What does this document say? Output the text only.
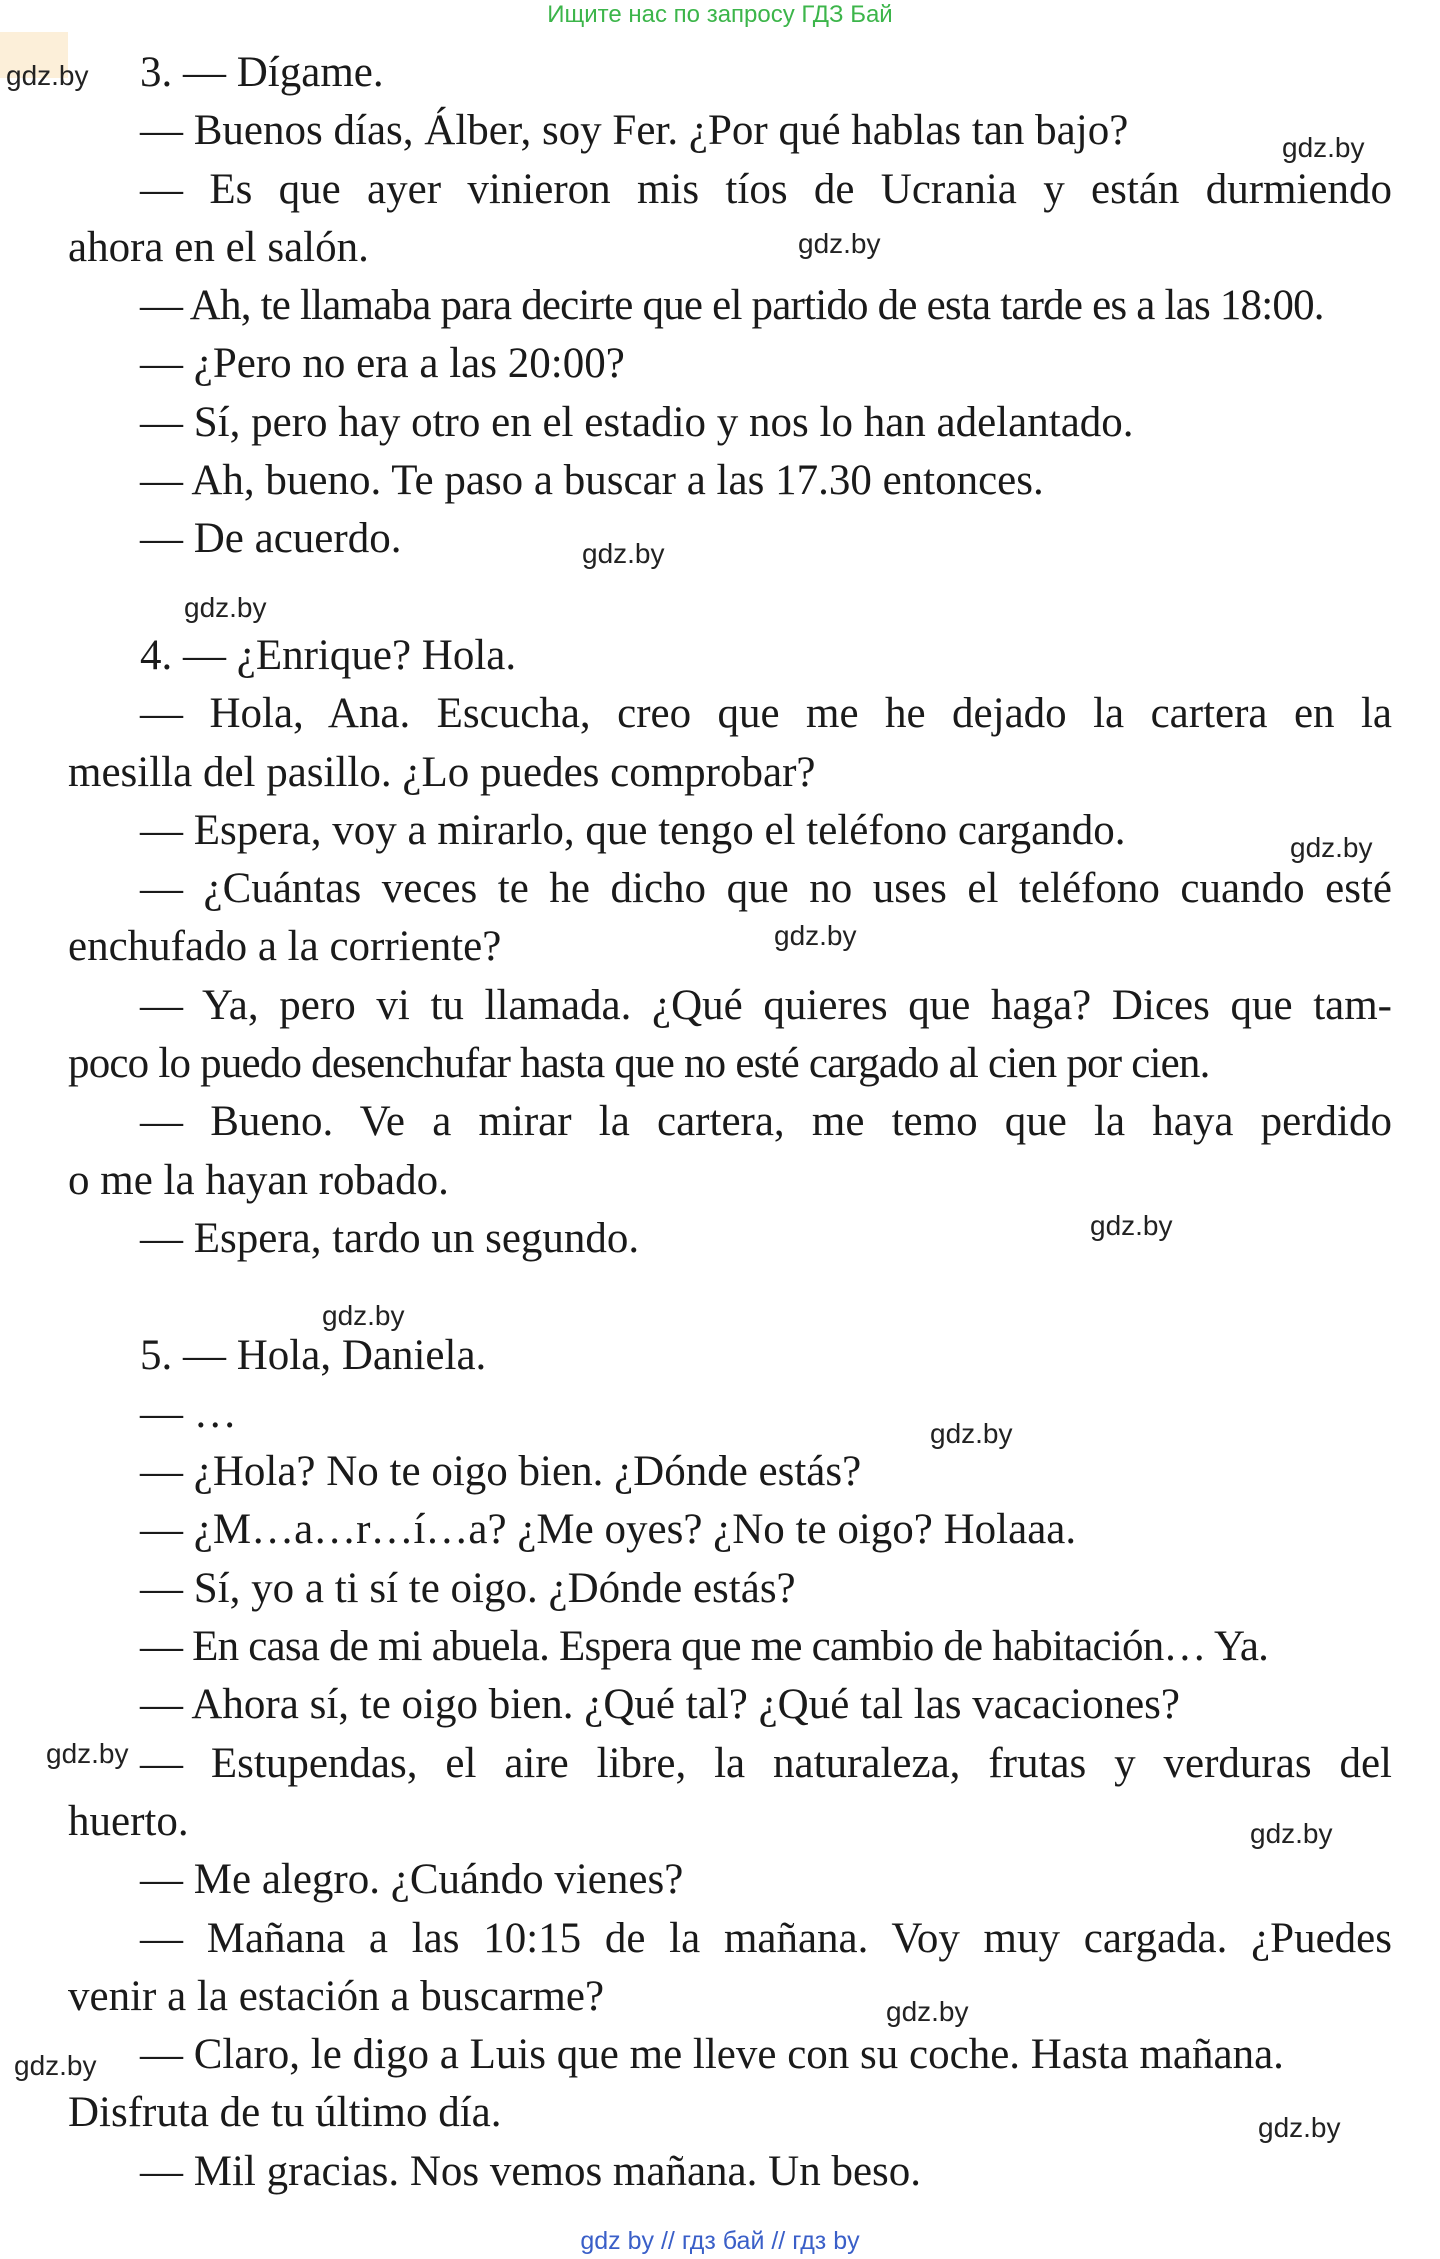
Ищите нас по запросу ГДЗ Бай
3. — Dígame.
— Buenos días, Álber, soy Fer. ¿Por qué hablas tan bajo?
— Es que ayer vinieron mis tíos de Ucrania y están durmiendo
ahora en el salón.
— Ah, te llamaba para decirte que el partido de esta tarde es a las 18:00.
— ¿Pero no era a las 20:00?
— Sí, pero hay otro en el estadio y nos lo han adelantado.
— Ah, bueno. Te paso a buscar a las 17.30 entonces.
— De acuerdo.
4. — ¿Enrique? Hola.
— Hola, Ana. Escucha, creo que me he dejado la cartera en la
mesilla del pasillo. ¿Lo puedes comprobar?
— Espera, voy a mirarlo, que tengo el teléfono cargando.
— ¿Cuántas veces te he dicho que no uses el teléfono cuando esté
enchufado a la corriente?
— Ya, pero vi tu llamada. ¿Qué quieres que haga? Dices que tam-
poco lo puedo desenchufar hasta que no esté cargado al cien por cien.
— Bueno. Ve a mirar la cartera, me temo que la haya perdido
o me la hayan robado.
— Espera, tardo un segundo.
5. — Hola, Daniela.
— …
— ¿Hola? No te oigo bien. ¿Dónde estás?
— ¿M…a…r…í…a? ¿Me oyes? ¿No te oigo? Holaaa.
— Sí, yo a ti sí te oigo. ¿Dónde estás?
— En casa de mi abuela. Espera que me cambio de habitación… Ya.
— Ahora sí, te oigo bien. ¿Qué tal? ¿Qué tal las vacaciones?
— Estupendas, el aire libre, la naturaleza, frutas y verduras del
huerto.
— Me alegro. ¿Cuándo vienes?
— Mañana a las 10:15 de la mañana. Voy muy cargada. ¿Puedes
venir a la estación a buscarme?
— Claro, le digo a Luis que me lleve con su coche. Hasta mañana.
Disfruta de tu último día.
— Mil gracias. Nos vemos mañana. Un beso.
gdz.by
gdz.by
gdz.by
gdz.by
gdz.by
gdz.by
gdz.by
gdz.by
gdz.by
gdz.by
gdz.by
gdz.by
gdz.by
gdz.by
gdz.by
gdz by // гдз бай // гдз by
